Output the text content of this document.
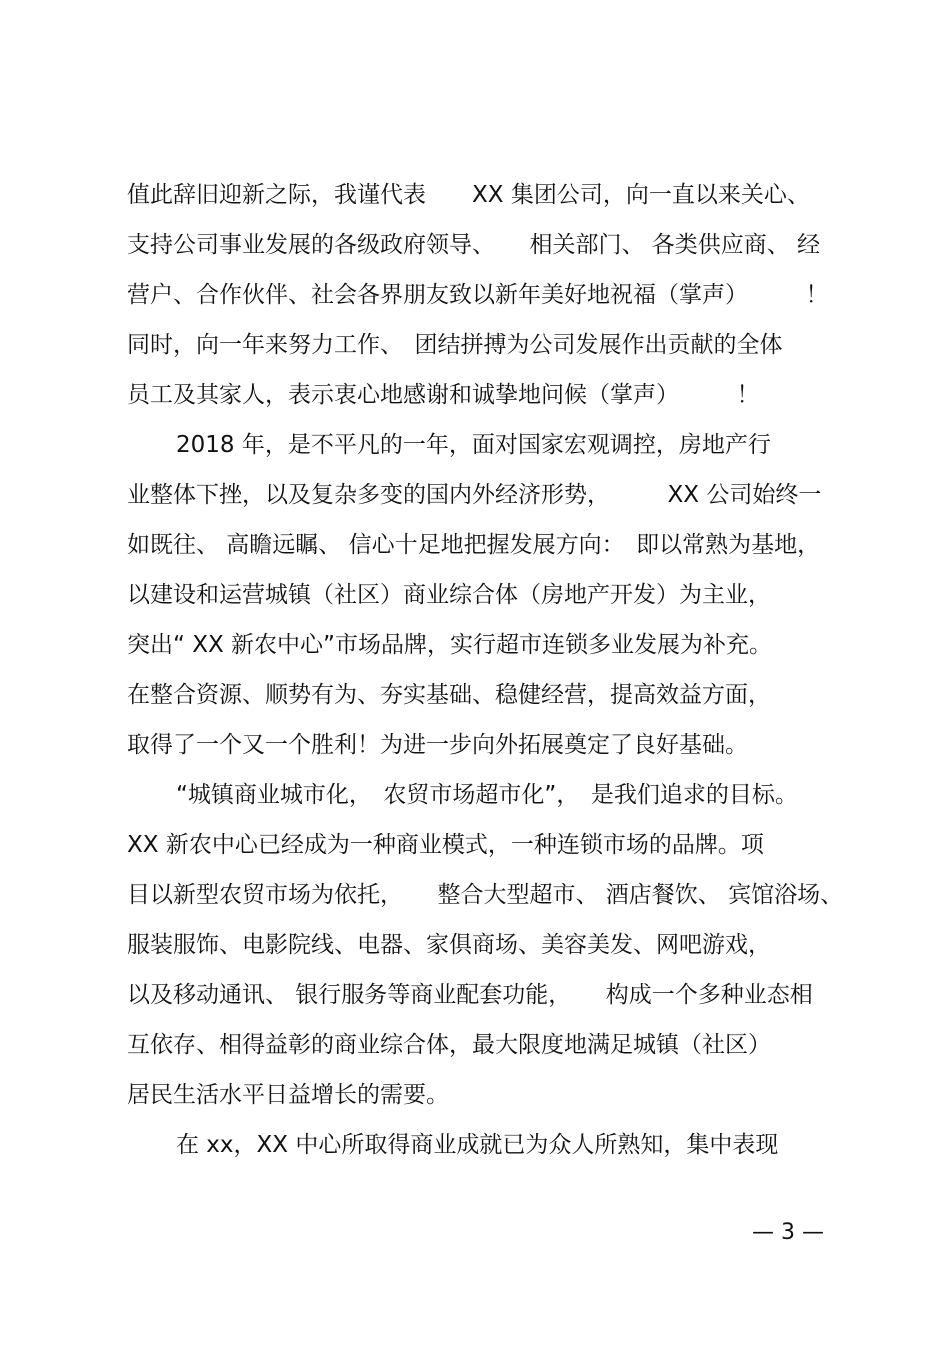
值此辞旧迎新之际，我谨代表　　XX 集团公司，向一直以来关心、
支持公司事业发展的各级政府领导、　　相关部门、 各类供应商、 经
营户、合作伙伴、社会各界朋友致以新年美好地祝福（掌声）　　　！
同时，向一年来努力工作、　团结拼搏为公司发展作出贡献的全体
员工及其家人，表示衷心地感谢和诚挚地问候（掌声）　　　！
2018 年，是不平凡的一年，面对国家宏观调控，房地产行
业整体下挫，以及复杂多变的国内外经济形势，　　　XX 公司始终一
如既往、 高瞻远瞩、 信心十足地把握发展方向：　即以常熟为基地，
以建设和运营城镇（社区）商业综合体（房地产开发）为主业，
突出“ XX 新农中心”市场品牌，实行超市连锁多业发展为补充。
在整合资源、顺势有为、夯实基础、稳健经营，提高效益方面，
取得了一个又一个胜利！为进一步向外拓展奠定了良好基础。
“城镇商业城市化，　农贸市场超市化”，　是我们追求的目标。
XX 新农中心已经成为一种商业模式，一种连锁市场的品牌。项
目以新型农贸市场为依托，　　整合大型超市、 酒店餐饮、 宾馆浴场、
服装服饰、电影院线、电器、家俱商场、美容美发、网吧游戏，
以及移动通讯、 银行服务等商业配套功能，　　构成一个多种业态相
互依存、相得益彰的商业综合体，最大限度地满足城镇（社区）
居民生活水平日益增长的需要。
在 xx，XX 中心所取得商业成就已为众人所熟知，集中表现
— 3 —
